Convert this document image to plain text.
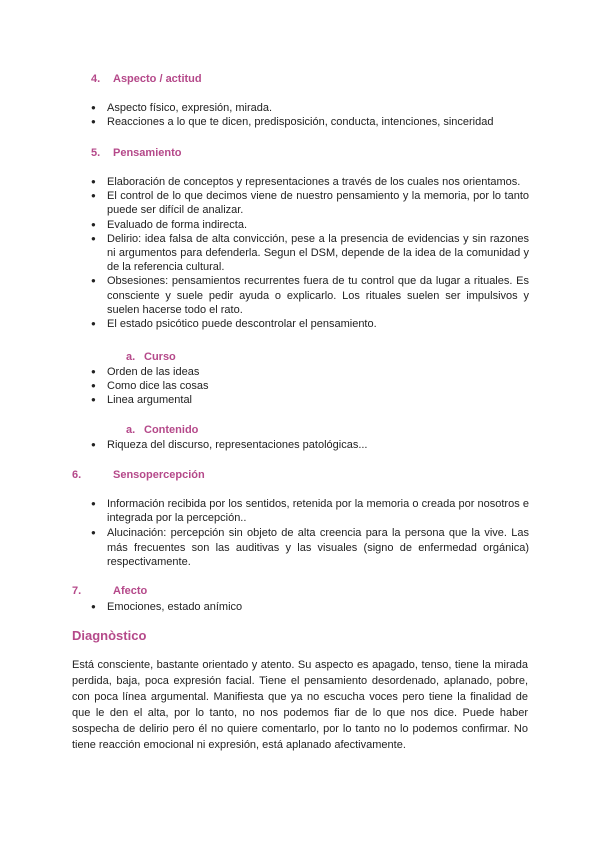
4. Aspecto / actitud
● Aspecto físico, expresión, mirada.
● Reacciones a lo que te dicen, predisposición, conducta, intenciones, sinceridad
5. Pensamiento
● Elaboración de conceptos y representaciones a través de los cuales nos orientamos.
● El control de lo que decimos viene de nuestro pensamiento y la memoria, por lo tanto puede ser difícil de analizar.
● Evaluado de forma indirecta.
● Delirio: idea falsa de alta convicción, pese a la presencia de evidencias y sin razones ni argumentos para defenderla. Segun el DSM, depende de la idea de la comunidad y de la referencia cultural.
● Obsesiones: pensamientos recurrentes fuera de tu control que da lugar a rituales. Es consciente y suele pedir ayuda o explicarlo. Los rituales suelen ser impulsivos y suelen hacerse todo el rato.
● El estado psicótico puede descontrolar el pensamiento.
a. Curso
● Orden de las ideas
● Como dice las cosas
● Linea argumental
a. Contenido
● Riqueza del discurso, representaciones patológicas...
6.	Sensopercepción
● Información recibida por los sentidos, retenida por la memoria o creada por nosotros e integrada por la percepción..
● Alucinación: percepción sin objeto de alta creencia para la persona que la vive. Las más frecuentes son las auditivas y las visuales (signo de enfermedad orgánica) respectivamente.
7.	Afecto
● Emociones, estado anímico
Diagnòstico

Está consciente, bastante orientado y atento. Su aspecto es apagado, tenso, tiene la mirada perdida, baja, poca expresión facial. Tiene el pensamiento desordenado, aplanado, pobre, con poca línea argumental. Manifiesta que ya no escucha voces pero tiene la finalidad de que le den el alta, por lo tanto, no nos podemos fiar de lo que nos dice. Puede haber sospecha de delirio pero él no quiere comentarlo, por lo tanto no lo podemos confirmar. No tiene reacción emocional ni expresión, está aplanado afectivamente.
